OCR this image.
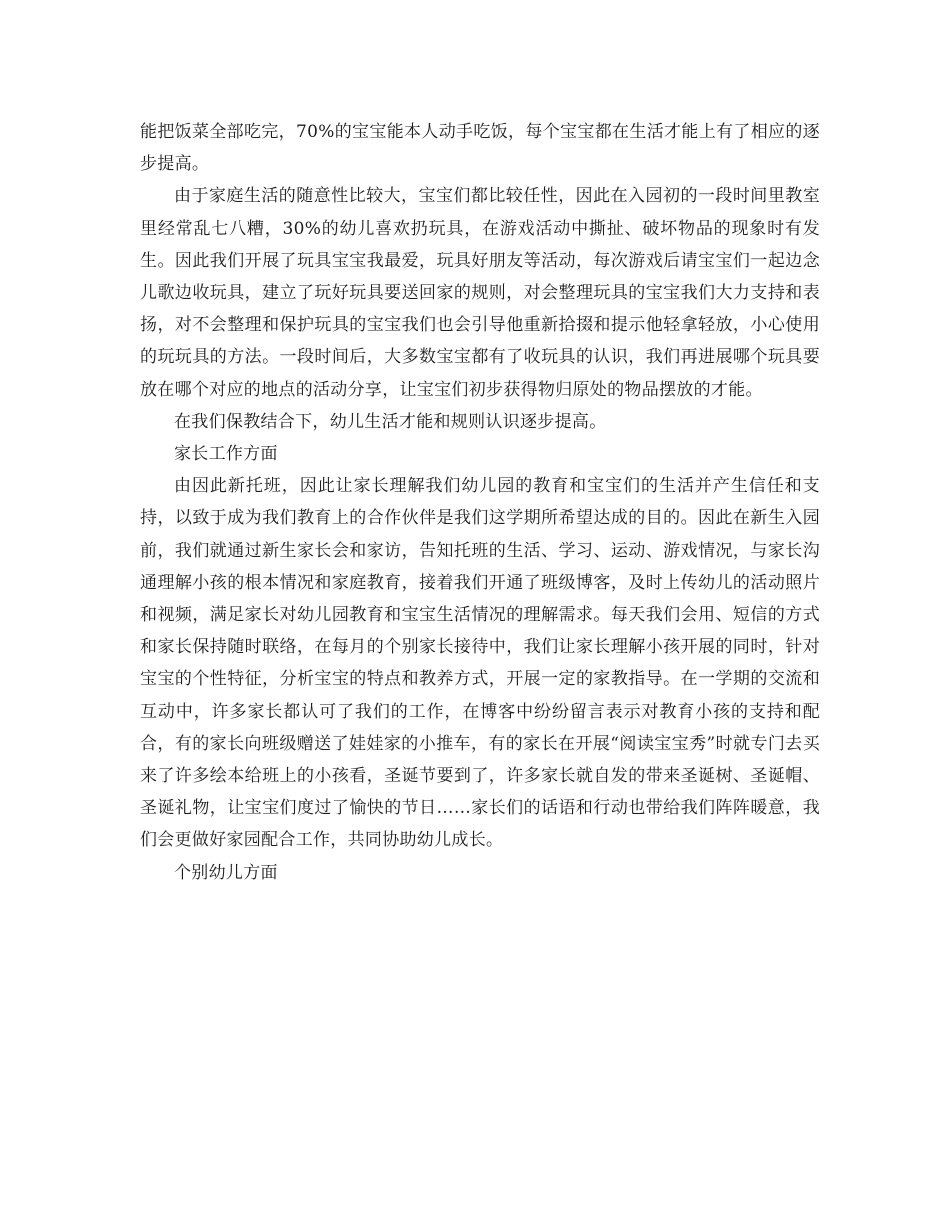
能把饭菜全部吃完，70%的宝宝能本人动手吃饭，每个宝宝都在生活才能上有了相应的逐步提高。

由于家庭生活的随意性比较大，宝宝们都比较任性，因此在入园初的一段时间里教室里经常乱七八糟，30%的幼儿喜欢扔玩具，在游戏活动中撕扯、破坏物品的现象时有发生。因此我们开展了玩具宝宝我最爱，玩具好朋友等活动，每次游戏后请宝宝们一起边念儿歌边收玩具，建立了玩好玩具要送回家的规则，对会整理玩具的宝宝我们大力支持和表扬，对不会整理和保护玩具的宝宝我们也会引导他重新拾掇和提示他轻拿轻放，小心使用的玩玩具的方法。一段时间后，大多数宝宝都有了收玩具的认识，我们再进展哪个玩具要放在哪个对应的地点的活动分享，让宝宝们初步获得物归原处的物品摆放的才能。

在我们保教结合下，幼儿生活才能和规则认识逐步提高。

家长工作方面

由因此新托班，因此让家长理解我们幼儿园的教育和宝宝们的生活并产生信任和支持，以致于成为我们教育上的合作伙伴是我们这学期所希望达成的目的。因此在新生入园前，我们就通过新生家长会和家访，告知托班的生活、学习、运动、游戏情况，与家长沟通理解小孩的根本情况和家庭教育，接着我们开通了班级博客，及时上传幼儿的活动照片和视频，满足家长对幼儿园教育和宝宝生活情况的理解需求。每天我们会用、短信的方式和家长保持随时联络，在每月的个别家长接待中，我们让家长理解小孩开展的同时，针对宝宝的个性特征，分析宝宝的特点和教养方式，开展一定的家教指导。在一学期的交流和互动中，许多家长都认可了我们的工作，在博客中纷纷留言表示对教育小孩的支持和配合，有的家长向班级赠送了娃娃家的小推车，有的家长在开展“阅读宝宝秀”时就专门去买来了许多绘本给班上的小孩看，圣诞节要到了，许多家长就自发的带来圣诞树、圣诞帽、圣诞礼物，让宝宝们度过了愉快的节日……家长们的话语和行动也带给我们阵阵暖意，我们会更做好家园配合工作，共同协助幼儿成长。

个别幼儿方面
